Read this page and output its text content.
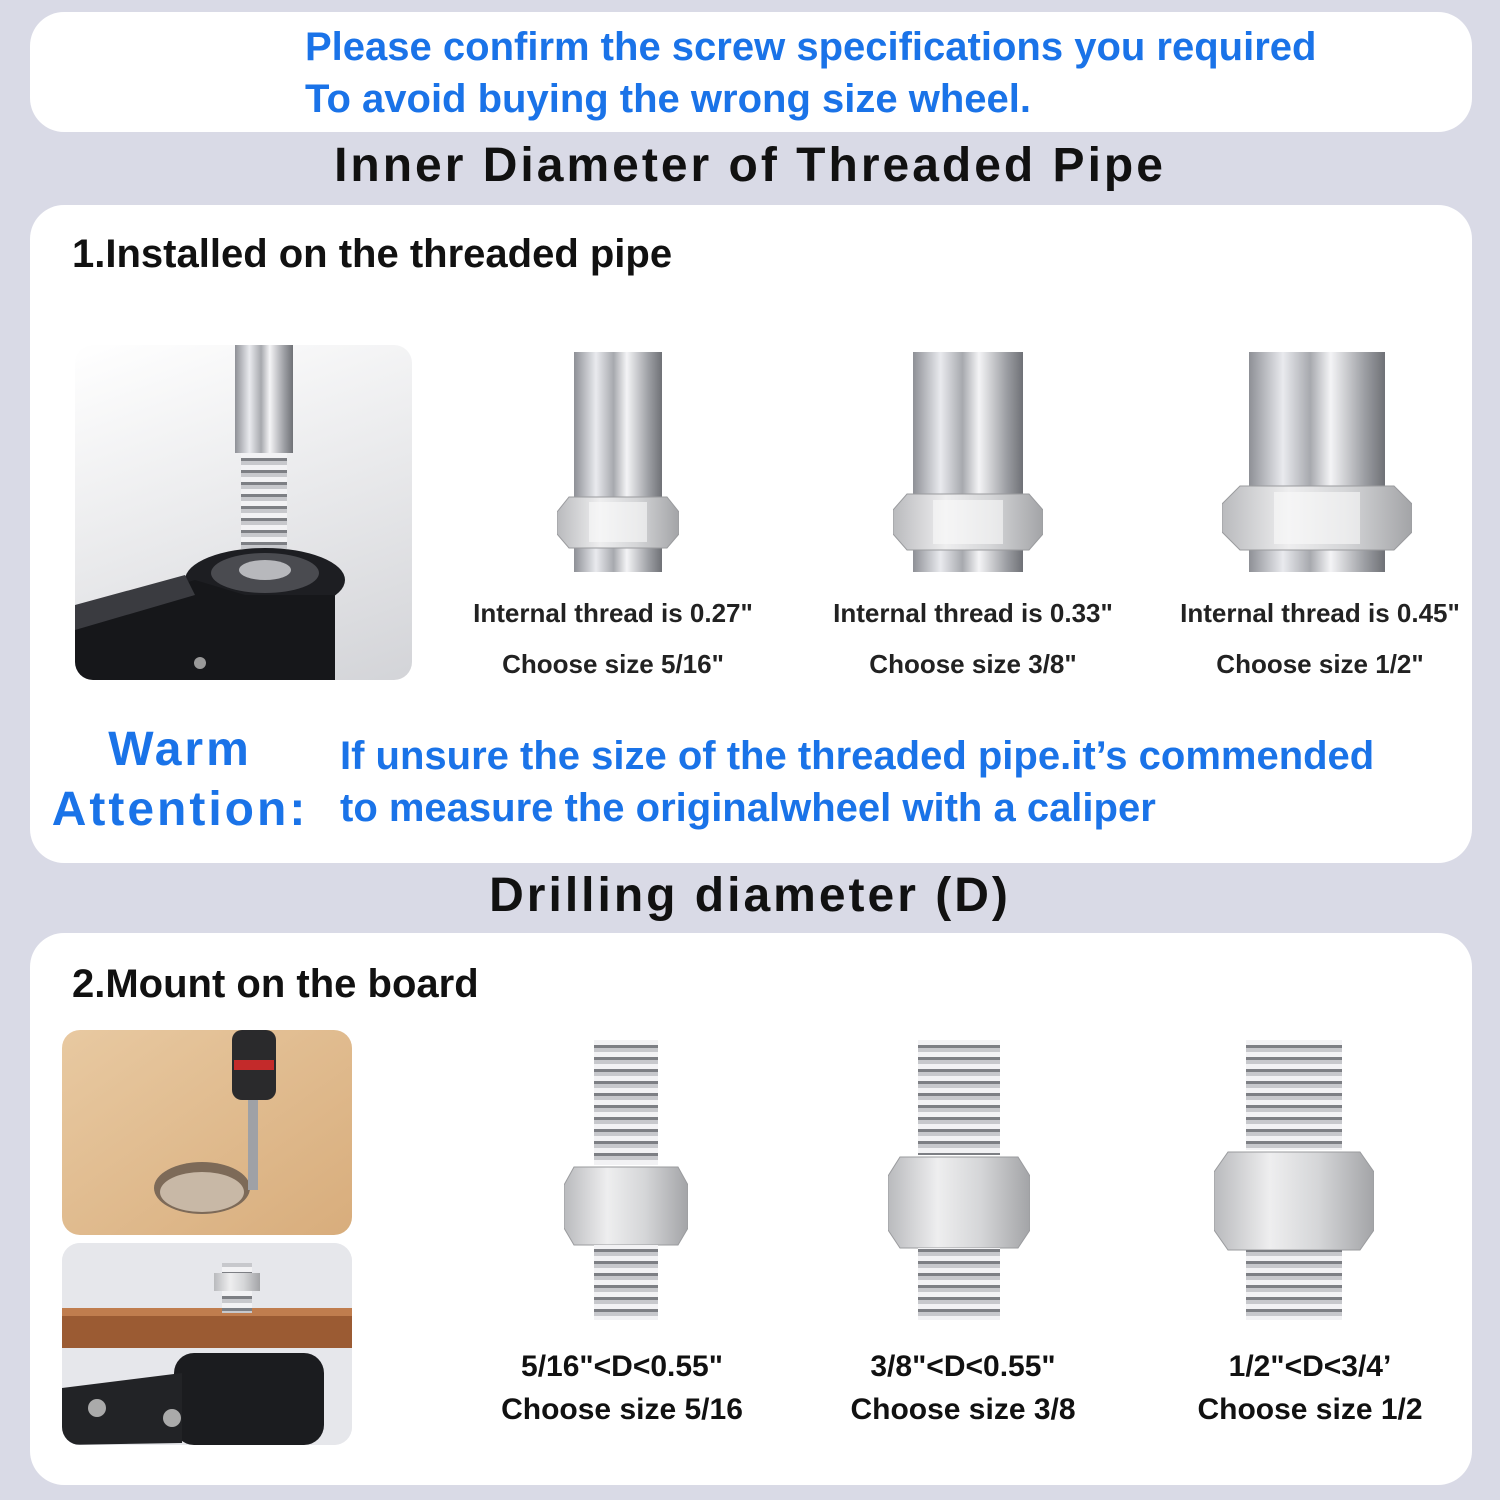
Please confirm the screw specifications you required
To avoid buying the wrong size wheel.
Inner Diameter of Threaded Pipe
1.Installed on the threaded pipe
Internal thread is 0.27"
Choose size 5/16"
Internal thread is 0.33"
Choose size 3/8"
Internal thread is 0.45"
Choose size 1/2"
Warm
Attention:
If unsure the size of the threaded pipe.it’s commended
to measure the originalwheel with a caliper
Drilling diameter (D)
2.Mount on the board
5/16"<D<0.55"
Choose size 5/16
3/8"<D<0.55"
Choose size 3/8
1/2"<D<3/4’
Choose size 1/2
